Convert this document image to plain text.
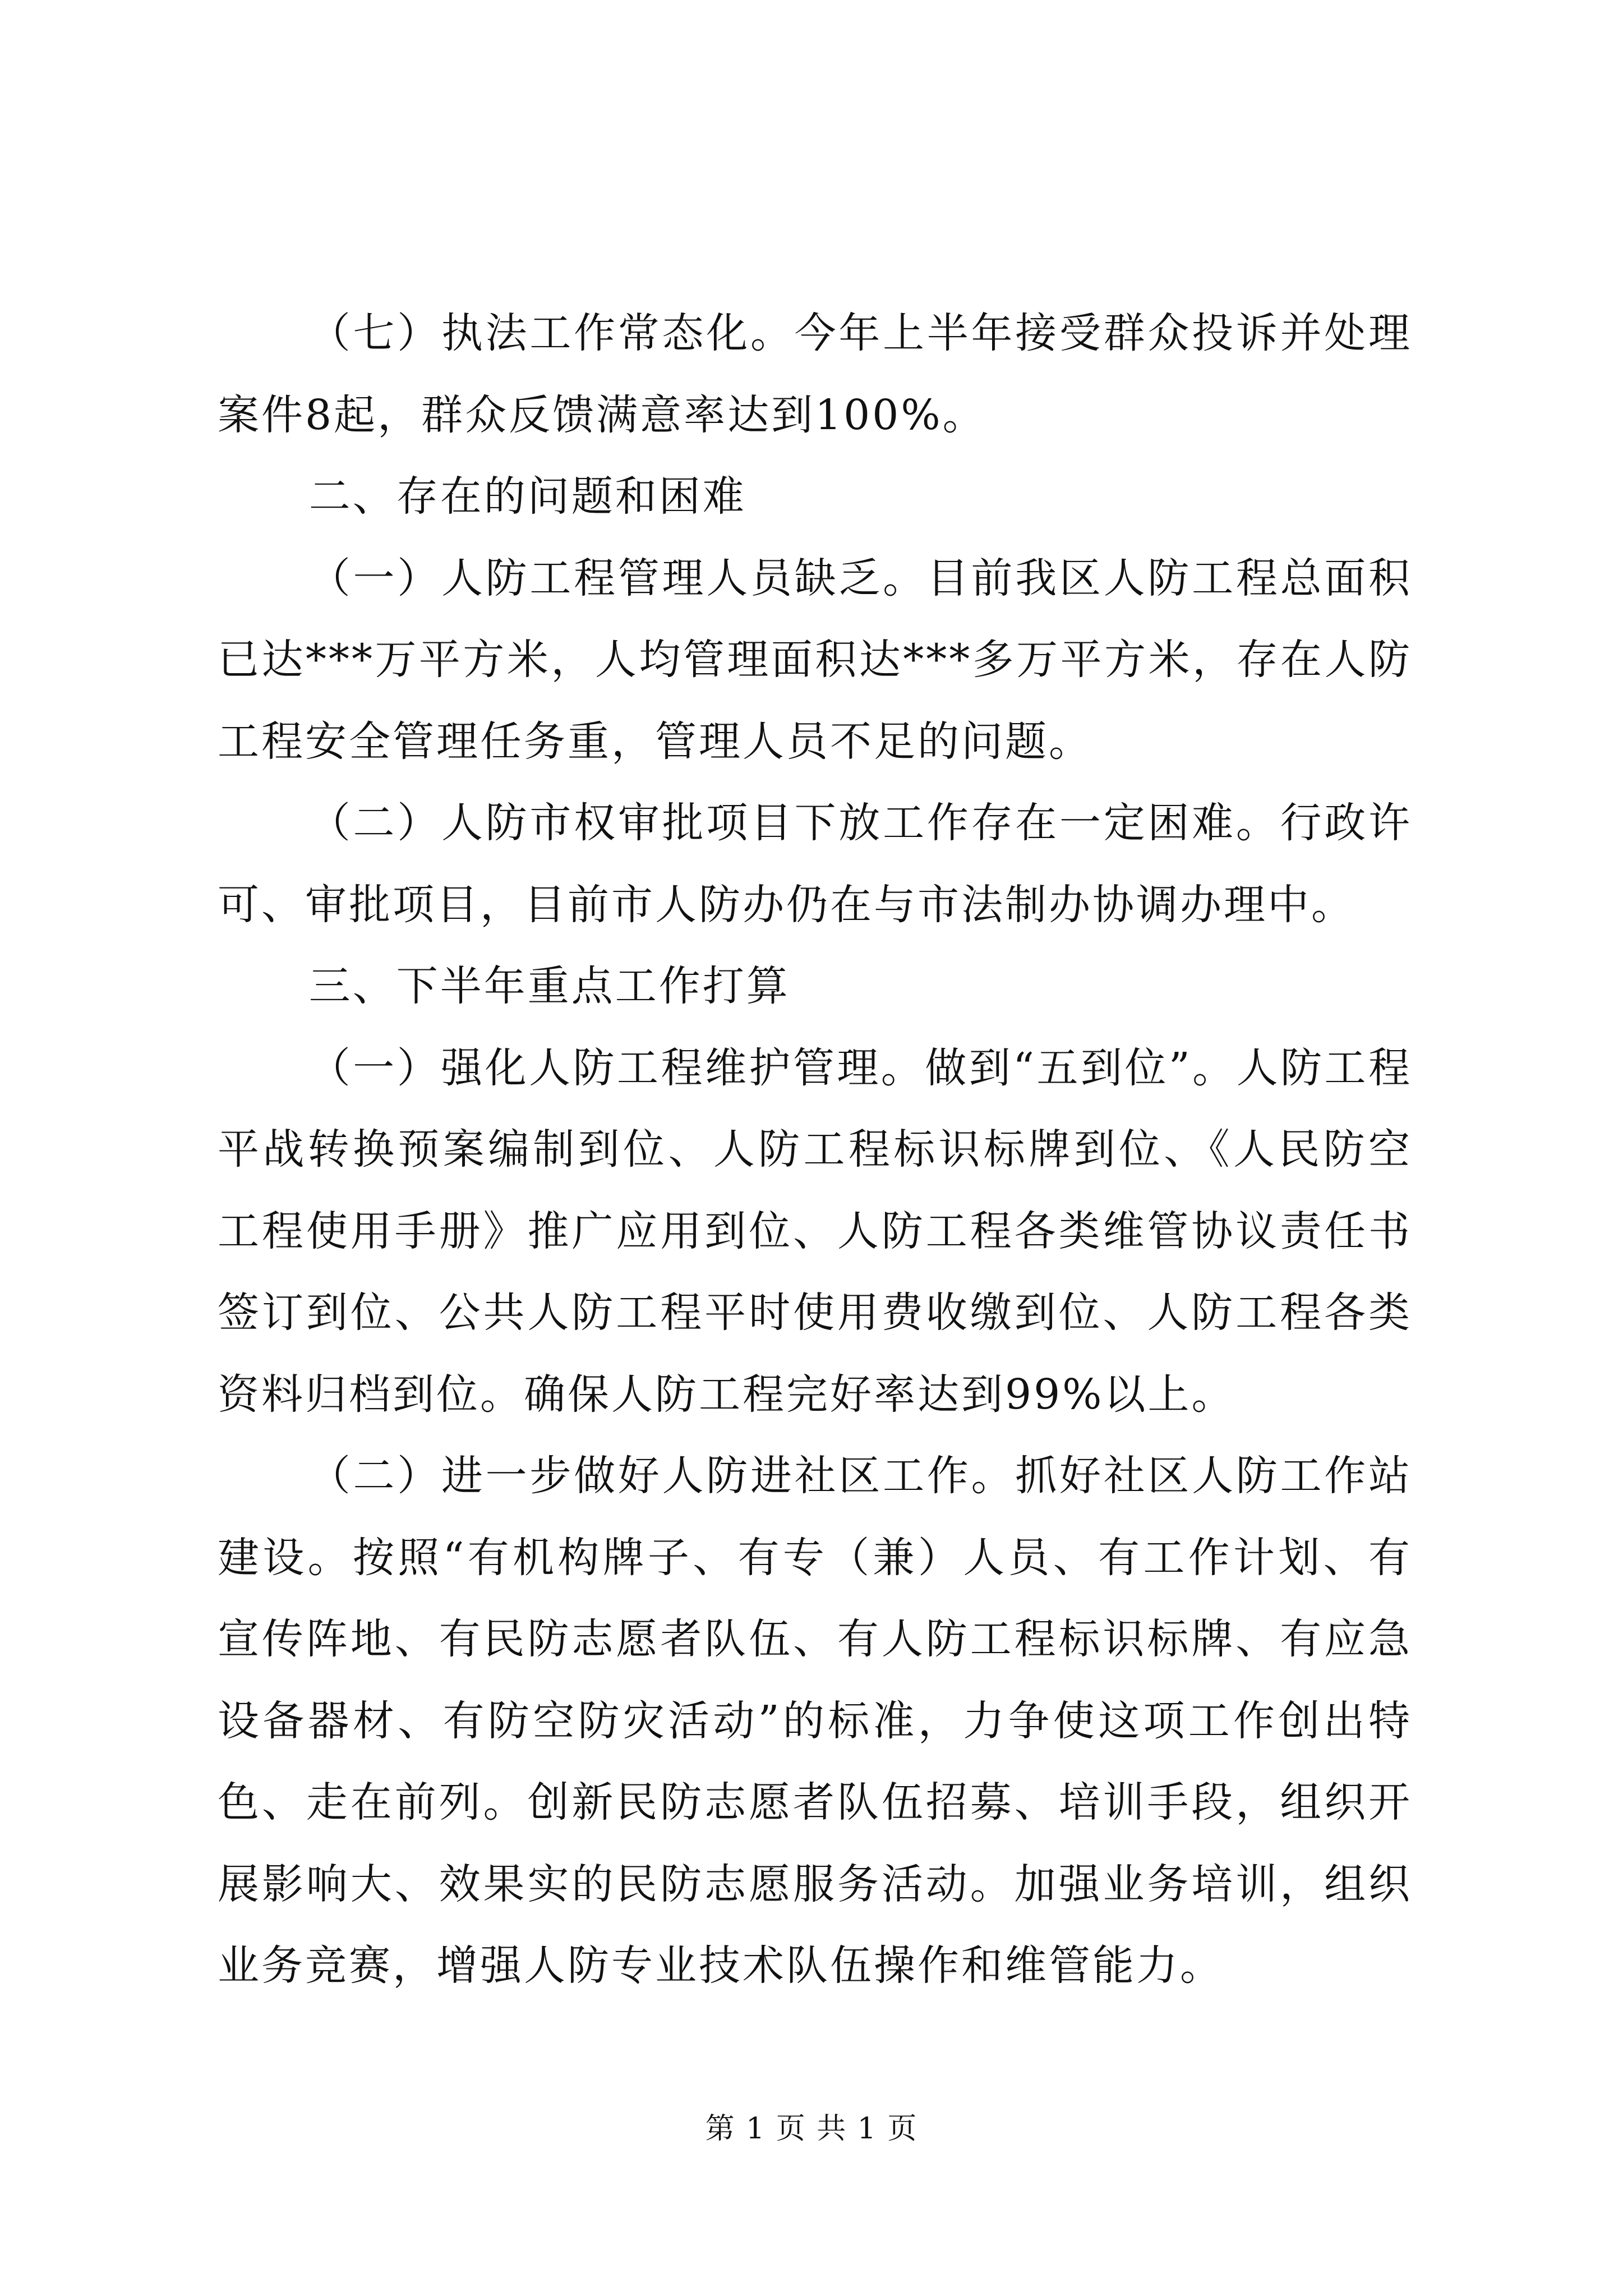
（七）执法工作常态化。今年上半年接受群众投诉并处理案件8起，群众反馈满意率达到100%。

二、存在的问题和困难

（一）人防工程管理人员缺乏。目前我区人防工程总面积已达***万平方米，人均管理面积达***多万平方米，存在人防工程安全管理任务重，管理人员不足的问题。

（二）人防市权审批项目下放工作存在一定困难。行政许可、审批项目，目前市人防办仍在与市法制办协调办理中。

三、下半年重点工作打算

（一）强化人防工程维护管理。做到“五到位”。人防工程平战转换预案编制到位、人防工程标识标牌到位、《人民防空工程使用手册》推广应用到位、人防工程各类维管协议责任书签订到位、公共人防工程平时使用费收缴到位、人防工程各类资料归档到位。确保人防工程完好率达到99%以上。

（二）进一步做好人防进社区工作。抓好社区人防工作站建设。按照“有机构牌子、有专（兼）人员、有工作计划、有宣传阵地、有民防志愿者队伍、有人防工程标识标牌、有应急设备器材、有防空防灾活动”的标准，力争使这项工作创出特色、走在前列。创新民防志愿者队伍招募、培训手段，组织开展影响大、效果实的民防志愿服务活动。加强业务培训，组织业务竞赛，增强人防专业技术队伍操作和维管能力。

第 1 页 共 1 页
